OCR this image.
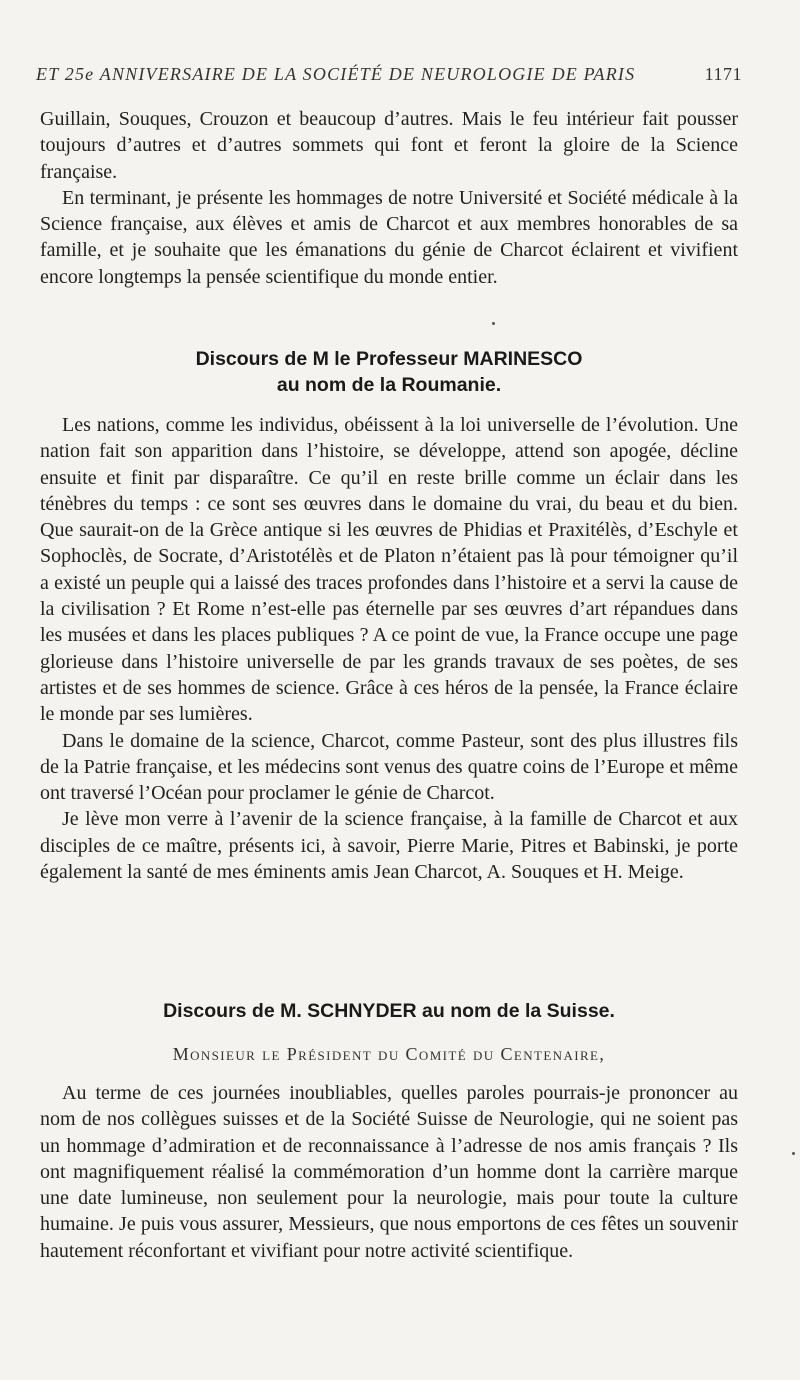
ET 25e ANNIVERSAIRE DE LA SOCIÉTÉ DE NEUROLOGIE DE PARIS	1171

Guillain, Souques, Crouzon et beaucoup d’autres. Mais le feu intérieur fait pousser toujours d’autres et d’autres sommets qui font et feront la gloire de la Science française.

En terminant, je présente les hommages de notre Université et Société médicale à la Science française, aux élèves et amis de Charcot et aux membres honorables de sa famille, et je souhaite que les émanations du génie de Charcot éclairent et vivifient encore longtemps la pensée scientifique du monde entier.

Discours de M le Professeur MARINESCO
au nom de la Roumanie.

Les nations, comme les individus, obéissent à la loi universelle de l’évolution. Une nation fait son apparition dans l’histoire, se développe, attend son apogée, décline ensuite et finit par disparaître. Ce qu’il en reste brille comme un éclair dans les ténèbres du temps : ce sont ses œuvres dans le domaine du vrai, du beau et du bien. Que saurait-on de la Grèce antique si les œuvres de Phidias et Praxitélès, d’Eschyle et Sophoclès, de Socrate, d’Aristotélès et de Platon n’étaient pas là pour témoigner qu’il a existé un peuple qui a laissé des traces profondes dans l’histoire et a servi la cause de la civilisation ? Et Rome n’est-elle pas éternelle par ses œuvres d’art répandues dans les musées et dans les places publiques ? A ce point de vue, la France occupe une page glorieuse dans l’histoire universelle de par les grands travaux de ses poètes, de ses artistes et de ses hommes de science. Grâce à ces héros de la pensée, la France éclaire le monde par ses lumières.

Dans le domaine de la science, Charcot, comme Pasteur, sont des plus illustres fils de la Patrie française, et les médecins sont venus des quatre coins de l’Europe et même ont traversé l’Océan pour proclamer le génie de Charcot.

Je lève mon verre à l’avenir de la science française, à la famille de Charcot et aux disciples de ce maître, présents ici, à savoir, Pierre Marie, Pitres et Babinski, je porte également la santé de mes éminents amis Jean Charcot, A. Souques et H. Meige.

Discours de M. SCHNYDER au nom de la Suisse.
Monsieur le Président du Comité du Centenaire,

Au terme de ces journées inoubliables, quelles paroles pourrais-je prononcer au nom de nos collègues suisses et de la Société Suisse de Neurologie, qui ne soient pas un hommage d’admiration et de reconnaissance à l’adresse de nos amis français ? Ils ont magnifiquement réalisé la commémoration d’un homme dont la carrière marque une date lumineuse, non seulement pour la neurologie, mais pour toute la culture humaine. Je puis vous assurer, Messieurs, que nous emportons de ces fêtes un souvenir hautement réconfortant et vivifiant pour notre activité scientifique.
